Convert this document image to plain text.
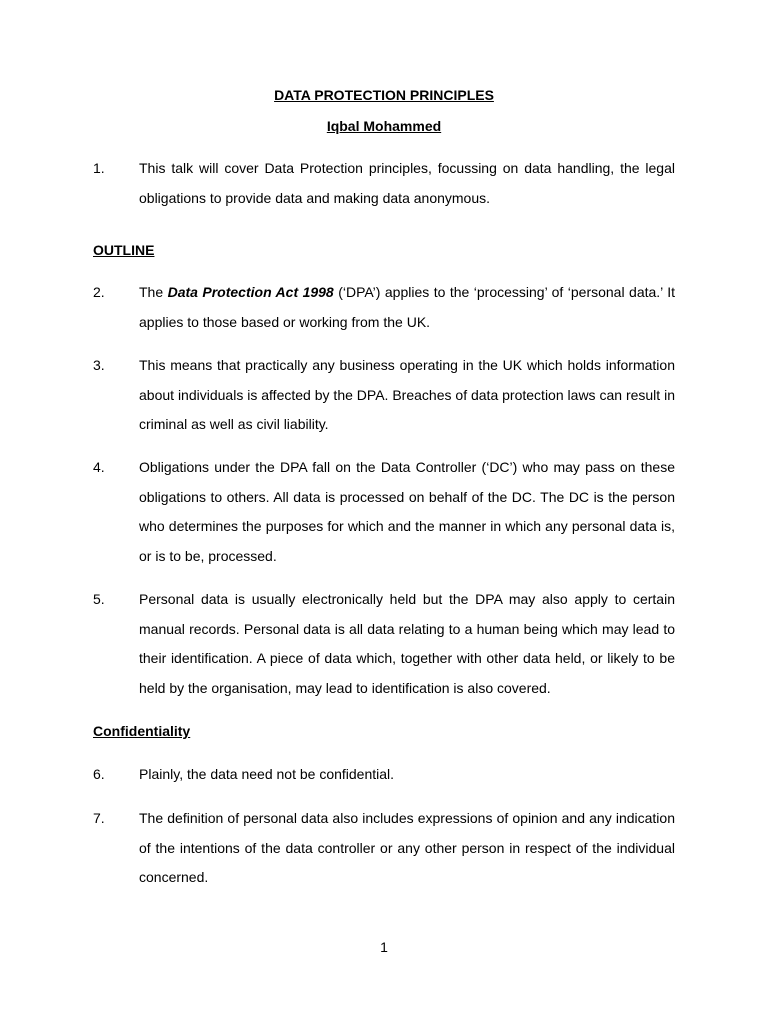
DATA PROTECTION PRINCIPLES

Iqbal Mohammed

1. This talk will cover Data Protection principles, focussing on data handling, the legal obligations to provide data and making data anonymous.

OUTLINE

2. The Data Protection Act 1998 (‘DPA’) applies to the ‘processing’ of ‘personal data.’ It applies to those based or working from the UK.

3. This means that practically any business operating in the UK which holds information about individuals is affected by the DPA. Breaches of data protection laws can result in criminal as well as civil liability.

4. Obligations under the DPA fall on the Data Controller (‘DC’) who may pass on these obligations to others. All data is processed on behalf of the DC. The DC is the person who determines the purposes for which and the manner in which any personal data is, or is to be, processed.

5. Personal data is usually electronically held but the DPA may also apply to certain manual records. Personal data is all data relating to a human being which may lead to their identification. A piece of data which, together with other data held, or likely to be held by the organisation, may lead to identification is also covered.

Confidentiality

6. Plainly, the data need not be confidential.

7. The definition of personal data also includes expressions of opinion and any indication of the intentions of the data controller or any other person in respect of the individual concerned.

1
